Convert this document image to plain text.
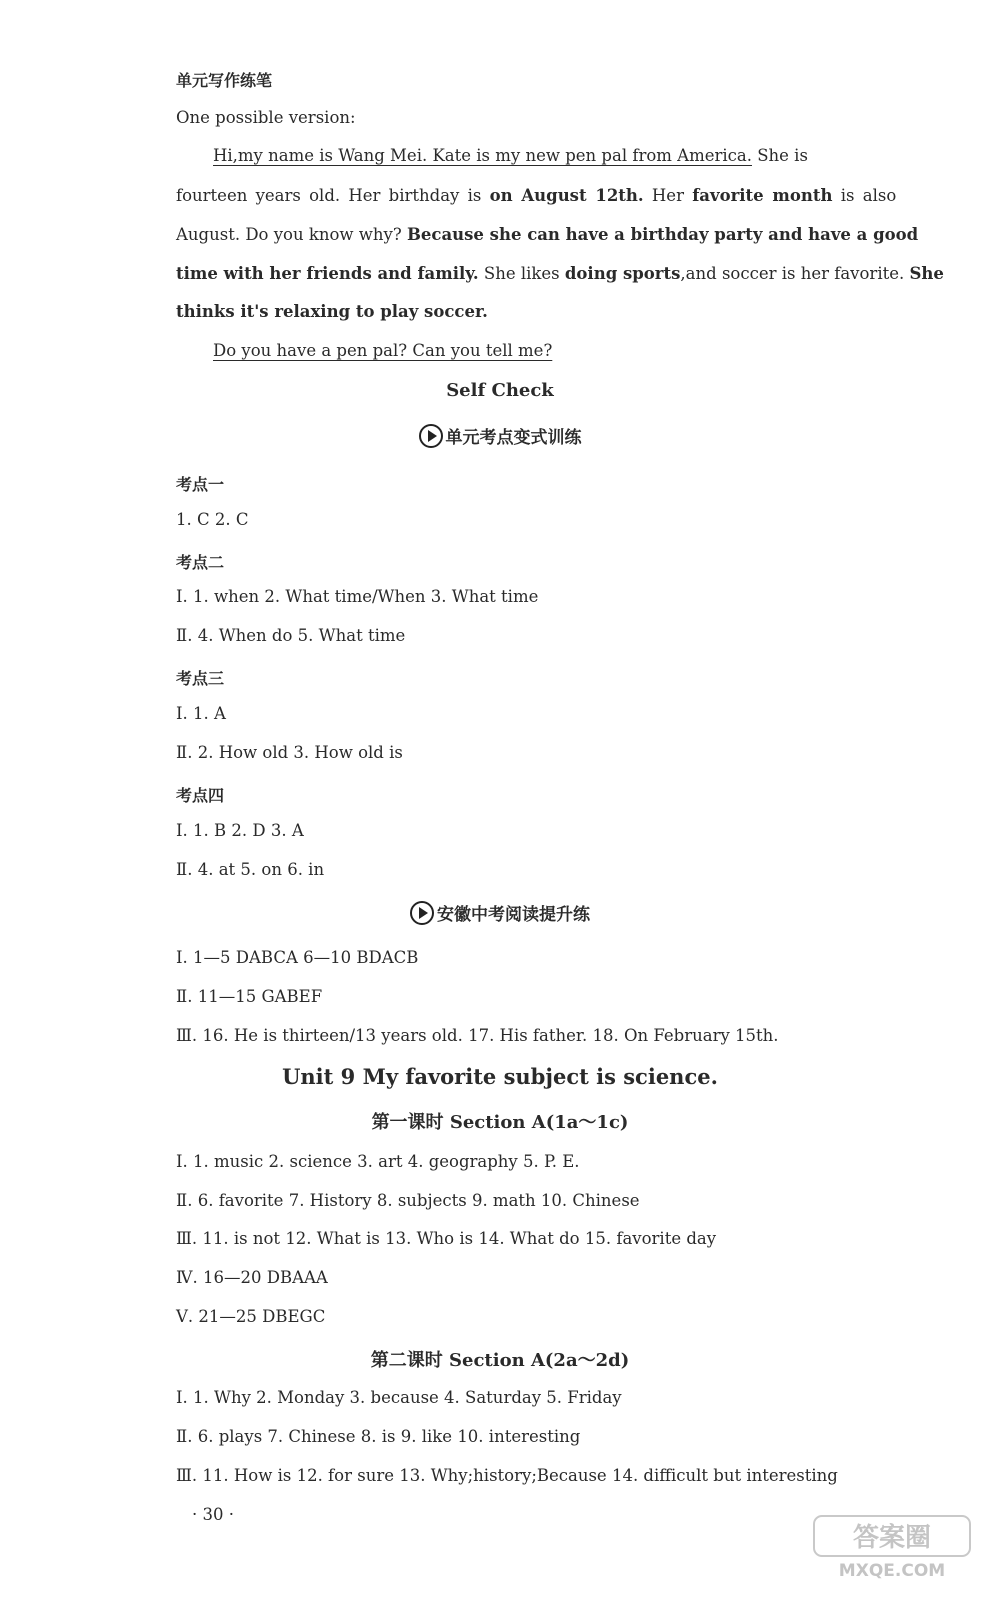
单元写作练笔
One possible version:
Hi,my name is Wang Mei. Kate is my new pen pal from America. She is
fourteen years old. Her birthday is on August 12th. Her favorite month is also
August. Do you know why? Because she can have a birthday party and have a good
time with her friends and family. She likes doing sports,and soccer is her favorite. She
thinks it's relaxing to play soccer.
Do you have a pen pal? Can you tell me?
Self Check
单元考点变式训练
考点一
1. C 2. C
考点二
Ⅰ. 1. when 2. What time/When 3. What time
Ⅱ. 4. When do 5. What time
考点三
Ⅰ. 1. A
Ⅱ. 2. How old 3. How old is
考点四
Ⅰ. 1. B 2. D 3. A
Ⅱ. 4. at 5. on 6. in
安徽中考阅读提升练
Ⅰ. 1—5 DABCA 6—10 BDACB
Ⅱ. 11—15 GABEF
Ⅲ. 16. He is thirteen/13 years old. 17. His father. 18. On February 15th.
Unit 9 My favorite subject is science.
第一课时 Section A(1a～1c)
Ⅰ. 1. music 2. science 3. art 4. geography 5. P. E.
Ⅱ. 6. favorite 7. History 8. subjects 9. math 10. Chinese
Ⅲ. 11. is not 12. What is 13. Who is 14. What do 15. favorite day
Ⅳ. 16—20 DBAAA
Ⅴ. 21—25 DBEGC
第二课时 Section A(2a～2d)
Ⅰ. 1. Why 2. Monday 3. because 4. Saturday 5. Friday
Ⅱ. 6. plays 7. Chinese 8. is 9. like 10. interesting
Ⅲ. 11. How is 12. for sure 13. Why;history;Because 14. difficult but interesting
· 30 ·
答案圈
MXQE.COM
